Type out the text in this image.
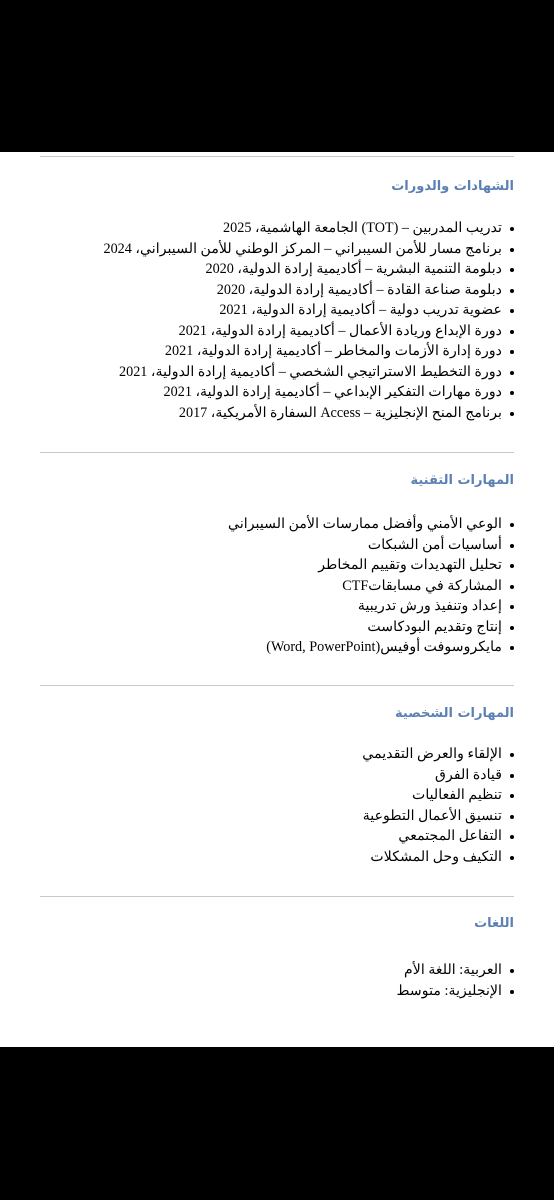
الشهادات والدورات
تدريب المدربين – (TOT) الجامعة الهاشمية، 2025
برنامج مسار للأمن السيبراني – المركز الوطني للأمن السيبراني، 2024
دبلومة التنمية البشرية – أكاديمية إرادة الدولية، 2020
دبلومة صناعة القادة – أكاديمية إرادة الدولية، 2020
عضوية تدريب دولية – أكاديمية إرادة الدولية، 2021
دورة الإبداع وريادة الأعمال – أكاديمية إرادة الدولية، 2021
دورة إدارة الأزمات والمخاطر – أكاديمية إرادة الدولية، 2021
دورة التخطيط الاستراتيجي الشخصي – أكاديمية إرادة الدولية، 2021
دورة مهارات التفكير الإبداعي – أكاديمية إرادة الدولية، 2021
برنامج المنح الإنجليزية – Access السفارة الأمريكية، 2017
المهارات التقنية
الوعي الأمني وأفضل ممارسات الأمن السيبراني
أساسيات أمن الشبكات
تحليل التهديدات وتقييم المخاطر
المشاركة في مسابقاتCTF
إعداد وتنفيذ ورش تدريبية
إنتاج وتقديم البودكاست
مايكروسوفت أوفيس(Word, PowerPoint)
المهارات الشخصية
الإلقاء والعرض التقديمي
قيادة الفرق
تنظيم الفعاليات
تنسيق الأعمال التطوعية
التفاعل المجتمعي
التكيف وحل المشكلات
اللغات
العربية: اللغة الأم
الإنجليزية: متوسط
